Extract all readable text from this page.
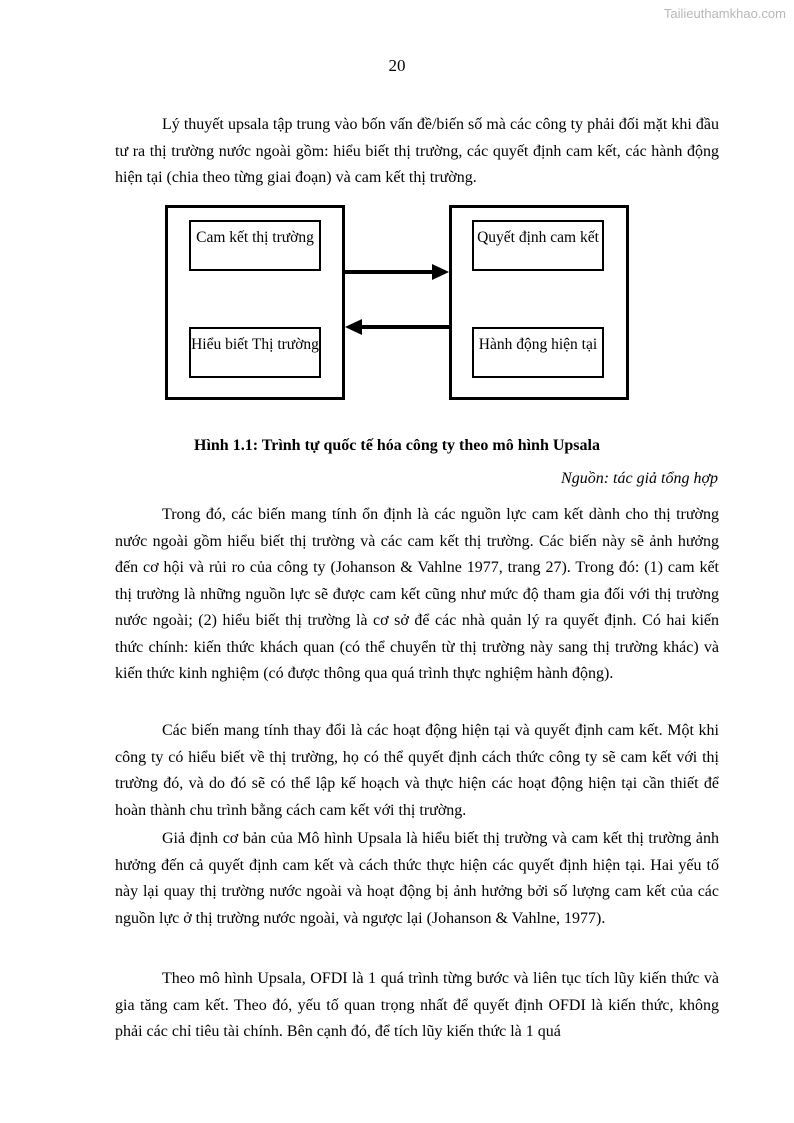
Tailieuthamkhao.com
20

Lý thuyết upsala tập trung vào bốn vấn đề/biến số mà các công ty phải đối mặt khi đầu tư ra thị trường nước ngoài gồm: hiểu biết thị trường, các quyết định cam kết, các hành động hiện tại (chia theo từng giai đoạn) và cam kết thị trường.

Cam kết thị trường
Hiểu biết Thị trường
Quyết định cam kết
Hành động hiện tại
Hình 1.1: Trình tự quốc tế hóa công ty theo mô hình Upsala
Nguồn: tác giả tổng hợp

Trong đó, các biến mang tính ổn định là các nguồn lực cam kết dành cho thị trường nước ngoài gồm hiểu biết thị trường và các cam kết thị trường. Các biến này sẽ ảnh hưởng đến cơ hội và rủi ro của công ty (Johanson & Vahlne 1977, trang 27). Trong đó: (1) cam kết thị trường là những nguồn lực sẽ được cam kết cũng như mức độ tham gia đối với thị trường nước ngoài; (2) hiểu biết thị trường là cơ sở để các nhà quản lý ra quyết định. Có hai kiến thức chính: kiến thức khách quan (có thể chuyển từ thị trường này sang thị trường khác) và kiến thức kinh nghiệm (có được thông qua quá trình thực nghiệm hành động).

Các biến mang tính thay đổi là các hoạt động hiện tại và quyết định cam kết. Một khi công ty có hiểu biết về thị trường, họ có thể quyết định cách thức công ty sẽ cam kết với thị trường đó, và do đó sẽ có thể lập kế hoạch và thực hiện các hoạt động hiện tại cần thiết để hoàn thành chu trình bằng cách cam kết với thị trường.

Giả định cơ bản của Mô hình Upsala là hiểu biết thị trường và cam kết thị trường ảnh hưởng đến cả quyết định cam kết và cách thức thực hiện các quyết định hiện tại. Hai yếu tố này lại quay thị trường nước ngoài và hoạt động bị ảnh hưởng bởi số lượng cam kết của các nguồn lực ở thị trường nước ngoài, và ngược lại (Johanson & Vahlne, 1977).

Theo mô hình Upsala, OFDI là 1 quá trình từng bước và liên tục tích lũy kiến thức và gia tăng cam kết. Theo đó, yếu tố quan trọng nhất để quyết định OFDI là kiến thức, không phải các chỉ tiêu tài chính. Bên cạnh đó, để tích lũy kiến thức là 1 quá
